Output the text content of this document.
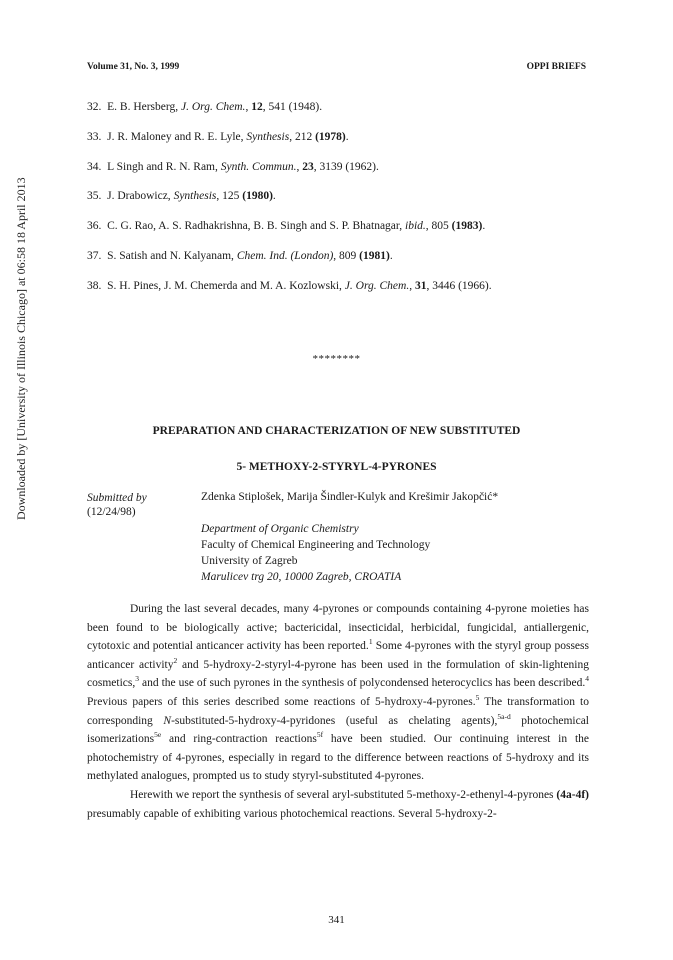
Volume 31, No. 3, 1999	OPPI BRIEFS
Downloaded by [University of Illinois Chicago] at 06:58 18 April 2013
32. E. B. Hersberg, J. Org. Chem., 12, 541 (1948).
33. J. R. Maloney and R. E. Lyle, Synthesis, 212 (1978).
34. L Singh and R. N. Ram, Synth. Commun., 23, 3139 (1962).
35. J. Drabowicz, Synthesis, 125 (1980).
36. C. G. Rao, A. S. Radhakrishna, B. B. Singh and S. P. Bhatnagar, ibid., 805 (1983).
37. S. Satish and N. Kalyanam, Chem. Ind. (London), 809 (1981).
38. S. H. Pines, J. M. Chemerda and M. A. Kozlowski, J. Org. Chem., 31, 3446 (1966).
********
PREPARATION AND CHARACTERIZATION OF NEW SUBSTITUTED
5- METHOXY-2-STYRYL-4-PYRONES
Submitted by
(12/24/98)
Zdenka Stiplošek, Marija Šindler-Kulyk and Krešimir Jakopčić*
Department of Organic Chemistry
Faculty of Chemical Engineering and Technology
University of Zagreb
Marulicev trg 20, 10000 Zagreb, CROATIA

During the last several decades, many 4-pyrones or compounds containing 4-pyrone moieties has been found to be biologically active; bactericidal, insecticidal, herbicidal, fungicidal, antiallergenic, cytotoxic and potential anticancer activity has been reported.$^1$ Some 4-pyrones with the styryl group possess anticancer activity$^2$ and 5-hydroxy-2-styryl-4-pyrone has been used in the formulation of skin-lightening cosmetics,$^3$ and the use of such pyrones in the synthesis of polycondensed heterocyclics has been described.$^4$ Previous papers of this series described some reactions of 5-hydroxy-4-pyrones.$^5$ The transformation to corresponding N-substituted-5-hydroxy-4-pyridones (useful as chelating agents),$^{5a-d}$ photochemical isomerizations$^{5e}$ and ring-contraction reactions$^{5f}$ have been studied. Our continuing interest in the photochemistry of 4-pyrones, especially in regard to the difference between reactions of 5-hydroxy and its methylated analogues, prompted us to study styryl-substituted 4-pyrones.

Herewith we report the synthesis of several aryl-substituted 5-methoxy-2-ethenyl-4-pyrones (4a-4f) presumably capable of exhibiting various photochemical reactions. Several 5-hydroxy-2-

341
